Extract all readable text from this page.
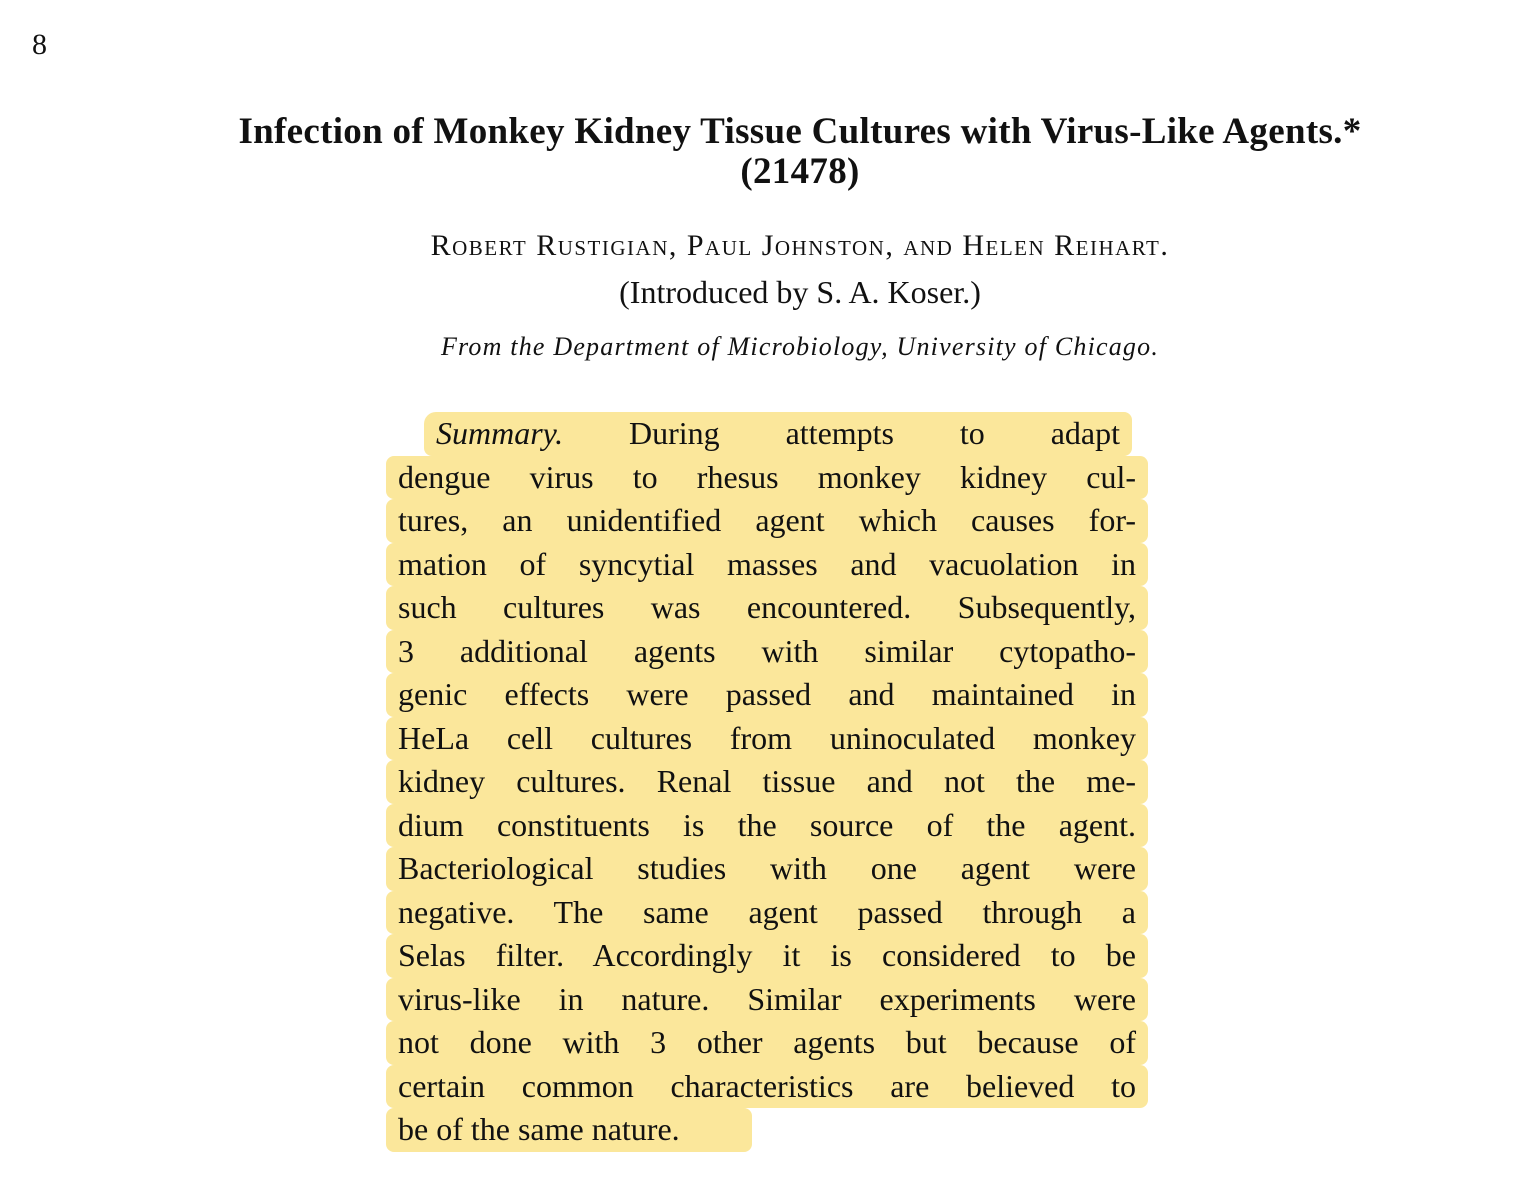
8
Infection of Monkey Kidney Tissue Cultures with Virus-Like Agents.*
(21478)
Robert Rustigian, Paul Johnston, and Helen Reihart.
(Introduced by S. A. Koser.)
From the Department of Microbiology, University of Chicago.
Summary. During attempts to adapt
dengue virus to rhesus monkey kidney cul-
tures, an unidentified agent which causes for-
mation of syncytial masses and vacuolation in
such cultures was encountered. Subsequently,
3 additional agents with similar cytopatho-
genic effects were passed and maintained in
HeLa cell cultures from uninoculated monkey
kidney cultures. Renal tissue and not the me-
dium constituents is the source of the agent.
Bacteriological studies with one agent were
negative. The same agent passed through a
Selas filter. Accordingly it is considered to be
virus-like in nature. Similar experiments were
not done with 3 other agents but because of
certain common characteristics are believed to
be of the same nature.
